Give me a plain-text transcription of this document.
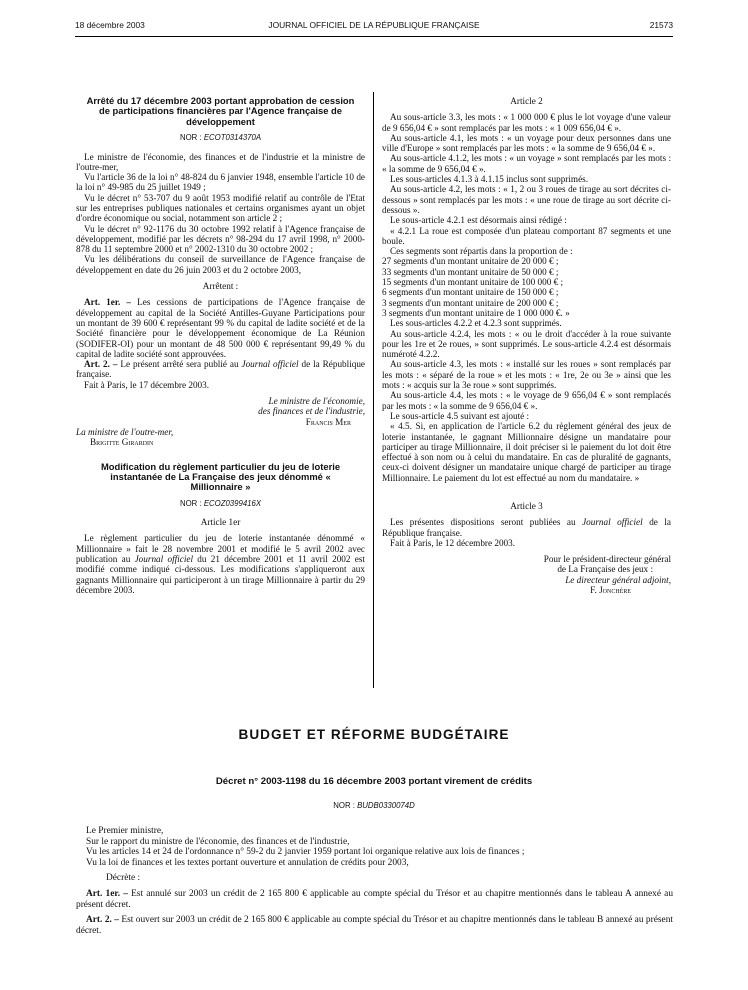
18 décembre 2003	JOURNAL OFFICIEL DE LA RÉPUBLIQUE FRANÇAISE	21573
Arrêté du 17 décembre 2003 portant approbation de cession de participations financières par l'Agence française de développement
NOR : ECOT0314370A

Le ministre de l'économie, des finances et de l'industrie et la ministre de l'outre-mer,

Vu l'article 36 de la loi n° 48-824 du 6 janvier 1948, ensemble l'article 10 de la loi n° 49-985 du 25 juillet 1949 ;

Vu le décret n° 53-707 du 9 août 1953 modifié relatif au contrôle de l'Etat sur les entreprises publiques nationales et certains organismes ayant un objet d'ordre économique ou social, notamment son article 2 ;

Vu le décret n° 92-1176 du 30 octobre 1992 relatif à l'Agence française de développement, modifié par les décrets n° 98-294 du 17 avril 1998, n° 2000-878 du 11 septembre 2000 et n° 2002-1310 du 30 octobre 2002 ;

Vu les délibérations du conseil de surveillance de l'Agence française de développement en date du 26 juin 2003 et du 2 octobre 2003,

Arrêtent :

Art. 1er. – Les cessions de participations de l'Agence française de développement au capital de la Société Antilles-Guyane Participations pour un montant de 39 600 € représentant 99 % du capital de ladite société et de la Société financière pour le développement économique de La Réunion (SODIFER-OI) pour un montant de 48 500 000 € représentant 99,49 % du capital de ladite société sont approuvées.

Art. 2. – Le présent arrêté sera publié au Journal officiel de la République française.

Fait à Paris, le 17 décembre 2003.

Le ministre de l'économie,

des finances et de l'industrie,

Francis Mer

La ministre de l'outre-mer,

Brigitte Girardin

Modification du règlement particulier du jeu de loterie instantanée de La Française des jeux dénommé « Millionnaire »
NOR : ECOZ0399416X

Article 1er

Le règlement particulier du jeu de loterie instantanée dénommé « Millionnaire » fait le 28 novembre 2001 et modifié le 5 avril 2002 avec publication au Journal officiel du 21 décembre 2001 et 11 avril 2002 est modifié comme indiqué ci-dessous. Les modifications s'appliqueront aux gagnants Millionnaire qui participeront à un tirage Millionnaire à partir du 29 décembre 2003.

Article 2

Au sous-article 3.3, les mots : « 1 000 000 € plus le lot voyage d'une valeur de 9 656,04 € » sont remplacés par les mots : « 1 009 656,04 € ».

Au sous-article 4.1, les mots : « un voyage pour deux personnes dans une ville d'Europe » sont remplacés par les mots : « la somme de 9 656,04 € ».

Au sous-article 4.1.2, les mots : « un voyage » sont remplacés par les mots : « la somme de 9 656,04 € ».

Les sous-articles 4.1.3 à 4.1.15 inclus sont supprimés.

Au sous-article 4.2, les mots : « 1, 2 ou 3 roues de tirage au sort décrites ci-dessous » sont remplacés par les mots : « une roue de tirage au sort décrite ci-dessous ».

Le sous-article 4.2.1 est désormais ainsi rédigé :

« 4.2.1 La roue est composée d'un plateau comportant 87 segments et une boule.

Ces segments sont répartis dans la proportion de :

27 segments d'un montant unitaire de 20 000 € ;

33 segments d'un montant unitaire de 50 000 € ;

15 segments d'un montant unitaire de 100 000 € ;

6 segments d'un montant unitaire de 150 000 € ;

3 segments d'un montant unitaire de 200 000 € ;

3 segments d'un montant unitaire de 1 000 000 €. »

Les sous-articles 4.2.2 et 4.2.3 sont supprimés.

Au sous-article 4.2.4, les mots : « ou le droit d'accéder à la roue suivante pour les 1re et 2e roues, » sont supprimés. Le sous-article 4.2.4 est désormais numéroté 4.2.2.

Au sous-article 4.3, les mots : « installé sur les roues » sont remplacés par les mots : « séparé de la roue » et les mots : « 1re, 2e ou 3e » ainsi que les mots : « acquis sur la 3e roue » sont supprimés.

Au sous-article 4.4, les mots : « le voyage de 9 656,04 € » sont remplacés par les mots : « la somme de 9 656,04 € ».

Le sous-article 4.5 suivant est ajouté :

« 4.5. Si, en application de l'article 6.2 du règlement général des jeux de loterie instantanée, le gagnant Millionnaire désigne un mandataire pour participer au tirage Millionnaire, il doit préciser si le paiement du lot doit être effectué à son nom ou à celui du mandataire. En cas de pluralité de gagnants, ceux-ci doivent désigner un mandataire unique chargé de participer au tirage Millionnaire. Le paiement du lot est effectué au nom du mandataire. »

Article 3

Les présentes dispositions seront publiées au Journal officiel de la République française.

Fait à Paris, le 12 décembre 2003.

Pour le président-directeur général

de La Française des jeux :

Le directeur général adjoint,

F. Jonchère

BUDGET ET RÉFORME BUDGÉTAIRE
Décret n° 2003-1198 du 16 décembre 2003 portant virement de crédits
NOR : BUDB0330074D

Le Premier ministre,

Sur le rapport du ministre de l'économie, des finances et de l'industrie,

Vu les articles 14 et 24 de l'ordonnance n° 59-2 du 2 janvier 1959 portant loi organique relative aux lois de finances ;

Vu la loi de finances et les textes portant ouverture et annulation de crédits pour 2003,

Décrète :

Art. 1er. – Est annulé sur 2003 un crédit de 2 165 800 € applicable au compte spécial du Trésor et au chapitre mentionnés dans le tableau A annexé au présent décret.

Art. 2. – Est ouvert sur 2003 un crédit de 2 165 800 € applicable au compte spécial du Trésor et au chapitre mentionnés dans le tableau B annexé au présent décret.
